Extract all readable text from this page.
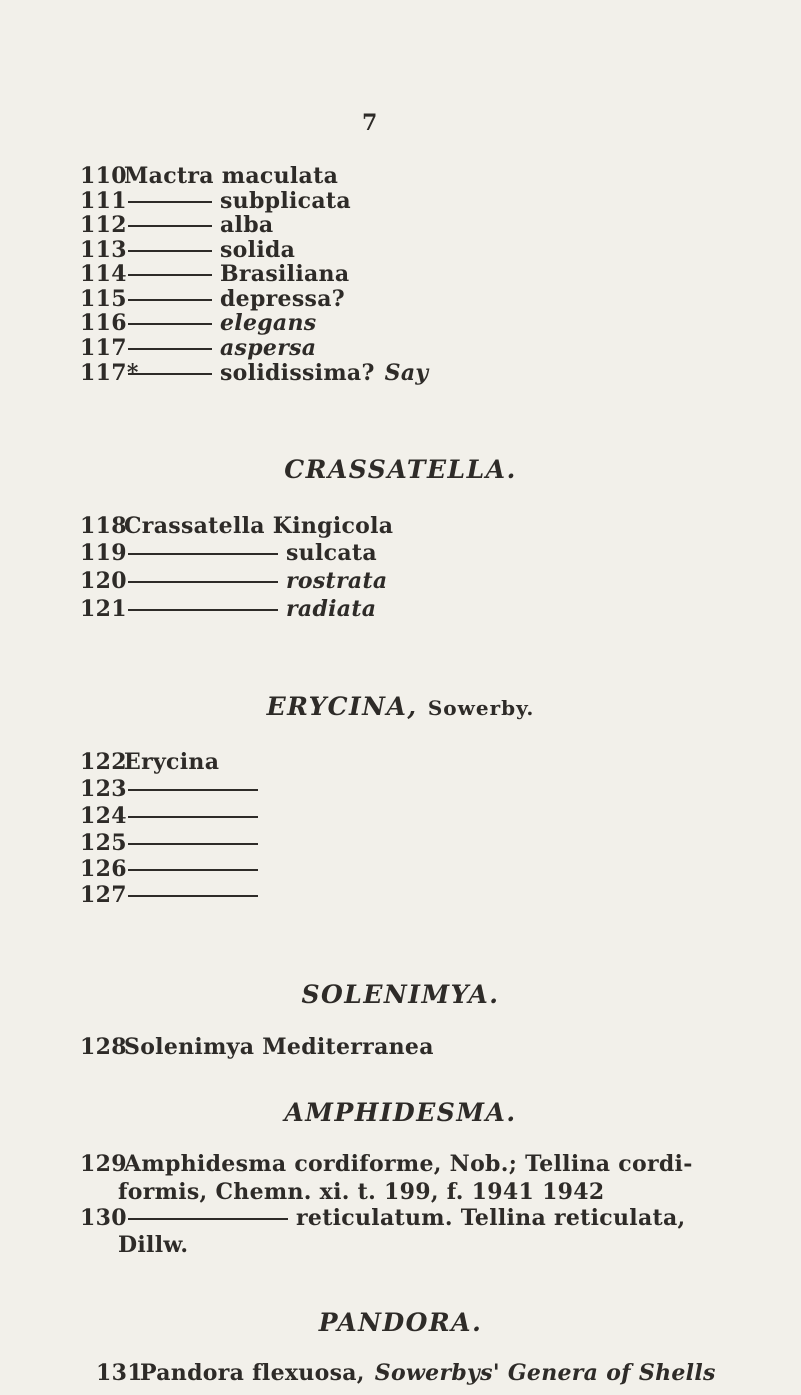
7
110Mactra maculata
111	subplicata
112	alba
113	solida
114	Brasiliana
115	depressa?
116	elegans
117	aspersa
117*	solidissima? Say
118Crassatella Kingicola
119	sulcata
120	rostrata
121	radiata
122Erycina
123
124
125
126
127
128Solenimya Mediterranea
129Amphidesma cordiforme, Nob.; Tellina cordi-
formis, Chemn. xi. t. 199, f. 1941 1942
130	reticulatum. Tellina reticulata,
Dillw.
131Pandora flexuosa, Sowerbys' Genera of Shells
CRASSATELLA.
ERYCINA, Sowerby.
SOLENIMYA.
AMPHIDESMA.
PANDORA.
